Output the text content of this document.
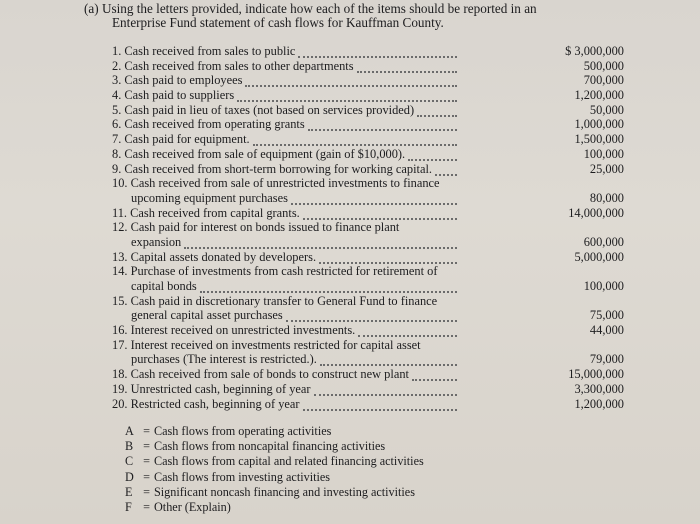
(a) Using the letters provided, indicate how each of the items should be reported in an
Enterprise Fund statement of cash flows for Kauffman County.
1. Cash received from sales to public	$ 3,000,000
2. Cash received from sales to other departments	500,000
3. Cash paid to employees	700,000
4. Cash paid to suppliers	1,200,000
5. Cash paid in lieu of taxes (not based on services provided)	50,000
6. Cash received from operating grants	1,000,000
7. Cash paid for equipment.	1,500,000
8. Cash received from sale of equipment (gain of $10,000).	100,000
9. Cash received from short-term borrowing for working capital.	25,000
10. Cash received from sale of unrestricted investments to finance
upcoming equipment purchases	80,000
11. Cash received from capital grants.	14,000,000
12. Cash paid for interest on bonds issued to finance plant
expansion	600,000
13. Capital assets donated by developers.	5,000,000
14. Purchase of investments from cash restricted for retirement of
capital bonds	100,000
15. Cash paid in discretionary transfer to General Fund to finance
general capital asset purchases	75,000
16. Interest received on unrestricted investments.	44,000
17. Interest received on investments restricted for capital asset
purchases (The interest is restricted.).	79,000
18. Cash received from sale of bonds to construct new plant	15,000,000
19. Unrestricted cash, beginning of year	3,300,000
20. Restricted cash, beginning of year	1,200,000
A = Cash flows from operating activities
B = Cash flows from noncapital financing activities
C = Cash flows from capital and related financing activities
D = Cash flows from investing activities
E = Significant noncash financing and investing activities
F = Other (Explain)
